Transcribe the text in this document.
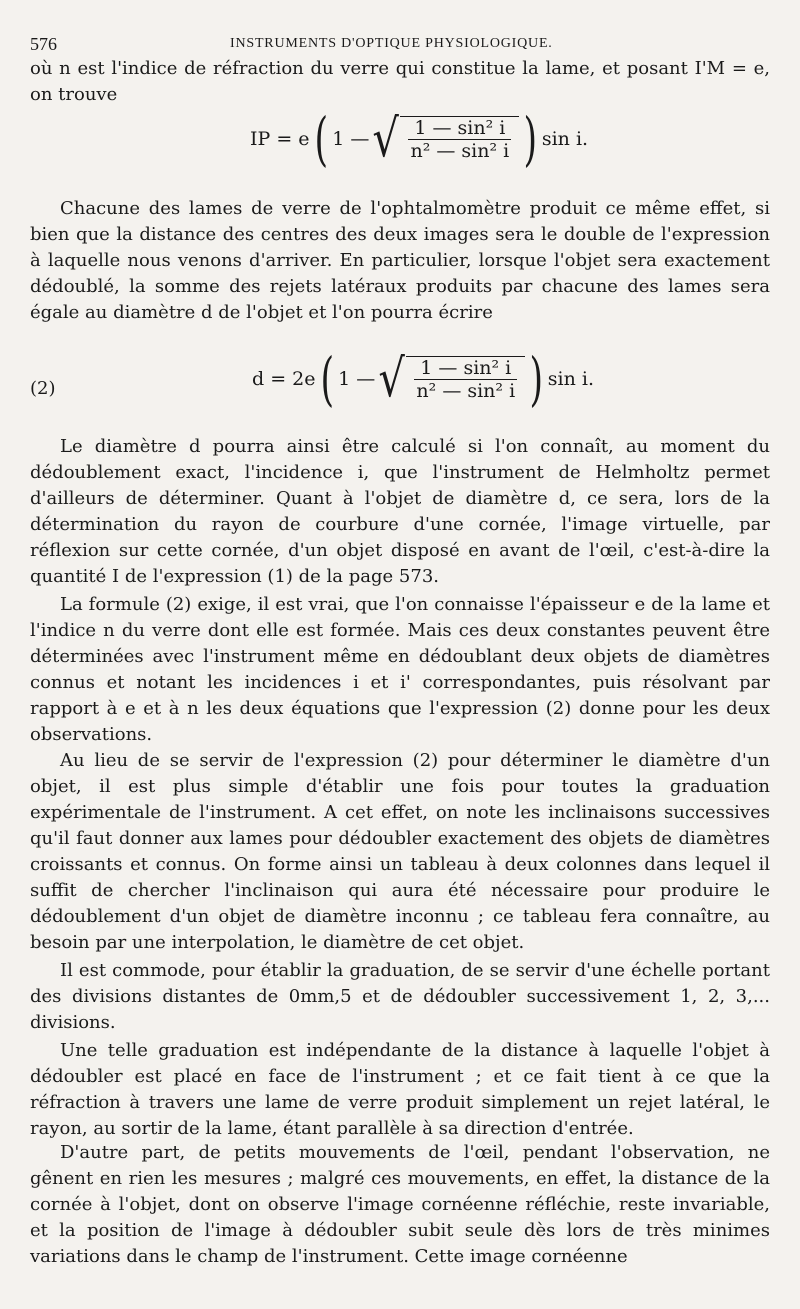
576	INSTRUMENTS D'OPTIQUE PHYSIOLOGIQUE.

où n est l'indice de réfraction du verre qui constitue la lame, et posant I'M = e, on trouve

IP = e ( 1 — √ $\frac{\text{1 — sin² i}}{\text{n² — sin² i}}$ ) sin i.

Chacune des lames de verre de l'ophtalmomètre produit ce même effet, si bien que la distance des centres des deux images sera le double de l'expression à laquelle nous venons d'arriver. En particulier, lorsque l'objet sera exactement dédoublé, la somme des rejets latéraux produits par chacune des lames sera égale au diamètre d de l'objet et l'on pourra écrire

(2)	d = 2e ( 1 — √ $\frac{\text{1 — sin² i}}{\text{n² — sin² i}}$ ) sin i.

Le diamètre d pourra ainsi être calculé si l'on connaît, au moment du dédoublement exact, l'incidence i, que l'instrument de Helmholtz permet d'ailleurs de déterminer. Quant à l'objet de diamètre d, ce sera, lors de la détermination du rayon de courbure d'une cornée, l'image virtuelle, par réflexion sur cette cornée, d'un objet disposé en avant de l'œil, c'est-à-dire la quantité I de l'expression (1) de la page 573.

La formule (2) exige, il est vrai, que l'on connaisse l'épaisseur e de la lame et l'indice n du verre dont elle est formée. Mais ces deux constantes peuvent être déterminées avec l'instrument même en dédoublant deux objets de diamètres connus et notant les incidences i et i' correspondantes, puis résolvant par rapport à e et à n les deux équations que l'expression (2) donne pour les deux observations.

Au lieu de se servir de l'expression (2) pour déterminer le diamètre d'un objet, il est plus simple d'établir une fois pour toutes la graduation expérimentale de l'instrument. A cet effet, on note les inclinaisons successives qu'il faut donner aux lames pour dédoubler exactement des objets de diamètres croissants et connus. On forme ainsi un tableau à deux colonnes dans lequel il suffit de chercher l'inclinaison qui aura été nécessaire pour produire le dédoublement d'un objet de diamètre inconnu ; ce tableau fera connaître, au besoin par une interpolation, le diamètre de cet objet.

Il est commode, pour établir la graduation, de se servir d'une échelle portant des divisions distantes de 0mm,5 et de dédoubler successivement 1, 2, 3,... divisions.

Une telle graduation est indépendante de la distance à laquelle l'objet à dédoubler est placé en face de l'instrument ; et ce fait tient à ce que la réfraction à travers une lame de verre produit simplement un rejet latéral, le rayon, au sortir de la lame, étant parallèle à sa direction d'entrée.

D'autre part, de petits mouvements de l'œil, pendant l'observation, ne gênent en rien les mesures ; malgré ces mouvements, en effet, la distance de la cornée à l'objet, dont on observe l'image cornéenne réfléchie, reste invariable, et la position de l'image à dédoubler subit seule dès lors de très minimes variations dans le champ de l'instrument. Cette image cornéenne
